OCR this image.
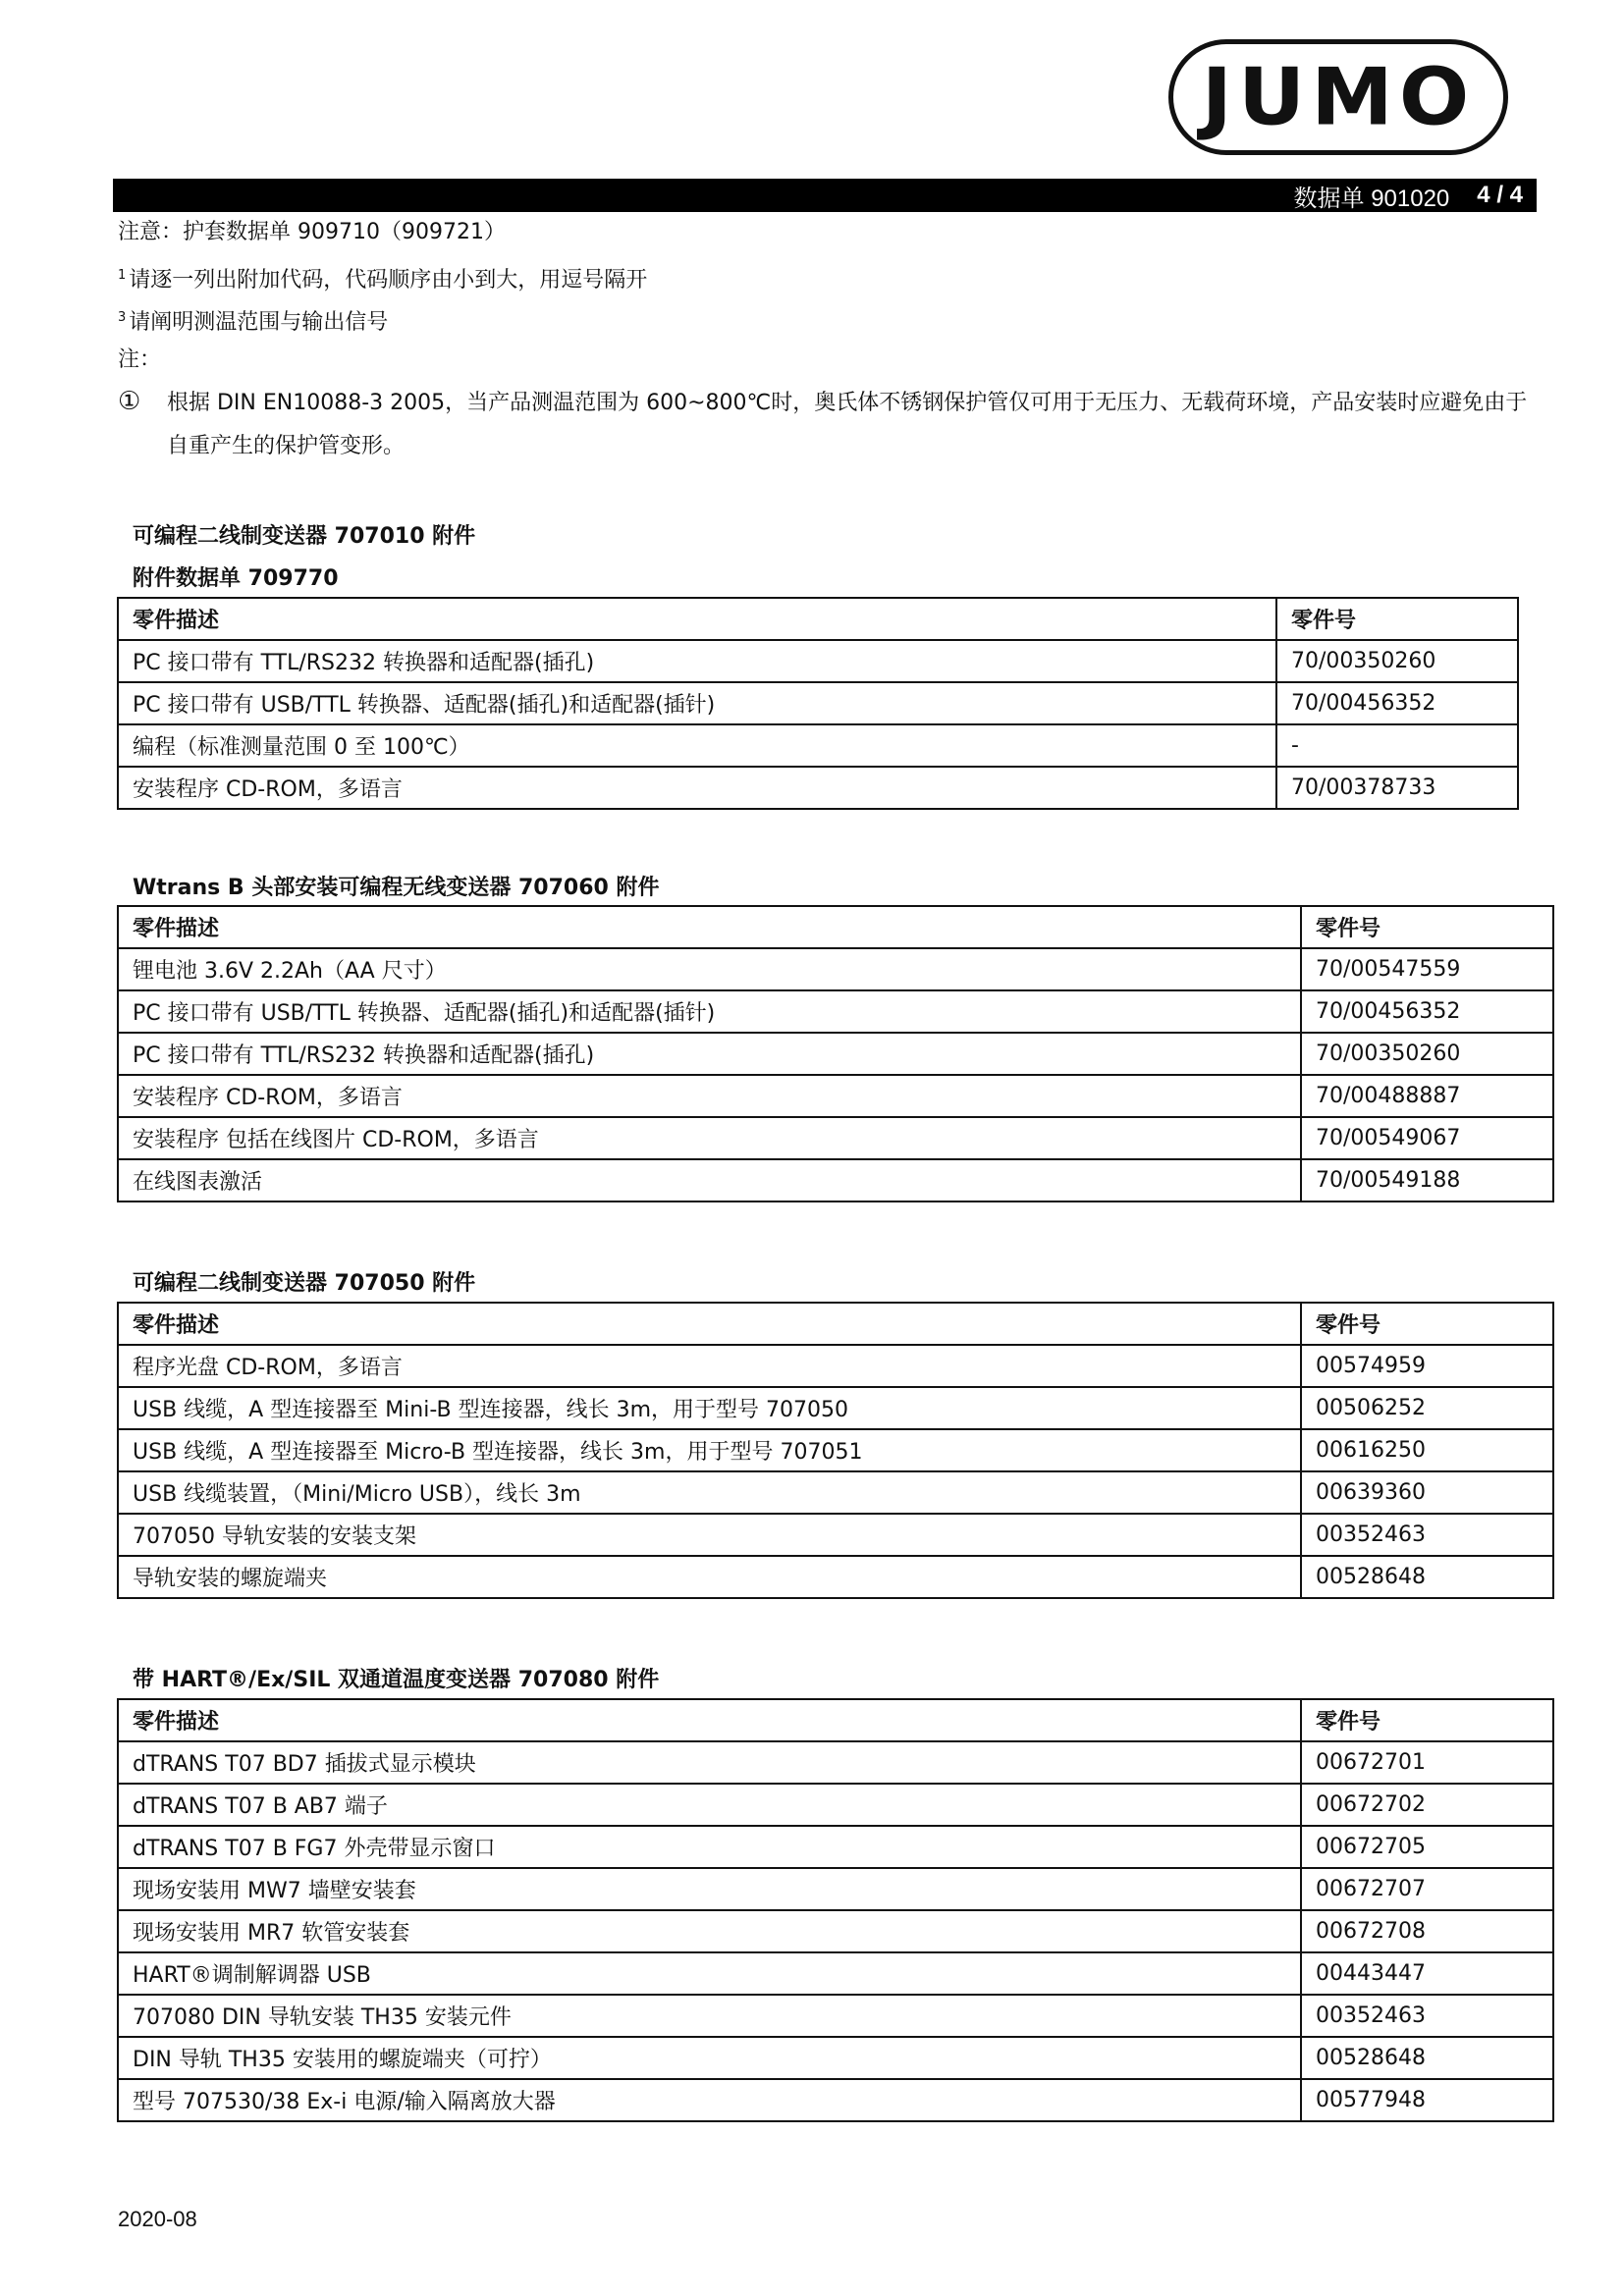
JUMO
数据单 901020 4 / 4
注意：护套数据单 909710（909721）
$^1$ 请逐一列出附加代码，代码顺序由小到大，用逗号隔开
$^3$ 请阐明测温范围与输出信号
注：
① 根据 DIN EN10088-3 2005，当产品测温范围为 600~800℃时，奥氏体不锈钢保护管仅可用于无压力、无载荷环境，产品安装时应避免由于自重产生的保护管变形。
可编程二线制变送器 707010 附件
附件数据单 709770
零件描述	零件号
PC 接口带有 TTL/RS232 转换器和适配器(插孔)	70/00350260
PC 接口带有 USB/TTL 转换器、适配器(插孔)和适配器(插针)	70/00456352
编程（标准测量范围 0 至 100℃）	-
安装程序 CD-ROM，多语言	70/00378733
Wtrans B 头部安装可编程无线变送器 707060 附件
零件描述	零件号
锂电池 3.6V 2.2Ah（AA 尺寸）	70/00547559
PC 接口带有 USB/TTL 转换器、适配器(插孔)和适配器(插针)	70/00456352
PC 接口带有 TTL/RS232 转换器和适配器(插孔)	70/00350260
安装程序 CD-ROM，多语言	70/00488887
安装程序 包括在线图片 CD-ROM，多语言	70/00549067
在线图表激活	70/00549188
可编程二线制变送器 707050 附件
零件描述	零件号
程序光盘 CD-ROM，多语言	00574959
USB 线缆，A 型连接器至 Mini-B 型连接器，线长 3m，用于型号 707050	00506252
USB 线缆，A 型连接器至 Micro-B 型连接器，线长 3m，用于型号 707051	00616250
USB 线缆装置，（Mini/Micro USB），线长 3m	00639360
707050 导轨安装的安装支架	00352463
导轨安装的螺旋端夹	00528648
带 HART®/Ex/SIL 双通道温度变送器 707080 附件
零件描述	零件号
dTRANS T07 BD7 插拔式显示模块	00672701
dTRANS T07 B AB7 端子	00672702
dTRANS T07 B FG7 外壳带显示窗口	00672705
现场安装用 MW7 墙壁安装套	00672707
现场安装用 MR7 软管安装套	00672708
HART®调制解调器 USB	00443447
707080 DIN 导轨安装 TH35 安装元件	00352463
DIN 导轨 TH35 安装用的螺旋端夹（可拧）	00528648
型号 707530/38 Ex-i 电源/输入隔离放大器	00577948
2020-08
